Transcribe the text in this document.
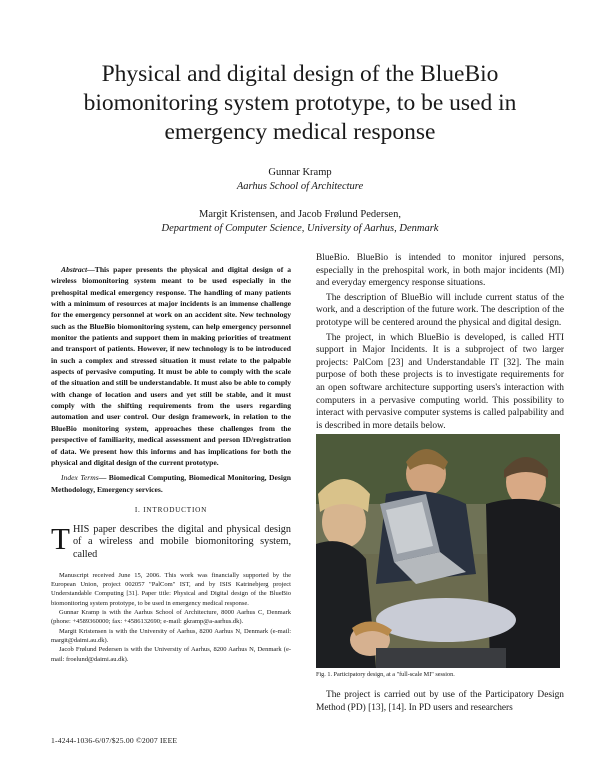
Physical and digital design of the BlueBio
biomonitoring system prototype, to be used in
emergency medical response
Gunnar Kramp
Aarhus School of Architecture
Margit Kristensen, and Jacob Frølund Pedersen,
Department of Computer Science, University of Aarhus, Denmark

Abstract—This paper presents the physical and digital design of a wireless biomonitoring system meant to be used especially in the prehospital medical emergency response. The handling of many patients with a minimum of resources at major incidents is an immense challenge for the emergency personnel at work on an accident site. New technology such as the BlueBio biomonitoring system, can help emergency personnel monitor the patients and support them in making priorities of treatment and transport of patients. However, if new technology is to be introduced in such a complex and stressed situation it must relate to the palpable aspects of pervasive computing. It must be able to comply with the scale of the situation and still be understandable. It must also be able to comply with change of location and users and yet still be stable, and it must comply with the shifting requirements from the users regarding automation and user control. Our design framework, in relation to the BlueBio monitoring system, approaches these challenges from the perspective of familiarity, medical assessment and person ID/registration of data. We present how this informs and has implications for both the physical and digital design of the current prototype.

Index Terms— Biomedical Computing, Biomedical Monitoring, Design Methodology, Emergency services.

I. INTRODUCTION

THIS paper describes the digital and physical design of a wireless and mobile biomonitoring system, called

Manuscript received June 15, 2006. This work was financially supported by the European Union, project 002057 "PalCom" IST, and by ISIS Katrinebjerg project Understandable Computing [31]. Paper title: Physical and Digital design of the BlueBio biomonitoring system prototype, to be used in emergency medical response.

Gunnar Kramp is with the Aarhus School of Architecture, 8000 Aarhus C, Denmark (phone: +4589360000; fax: +4586132690; e-mail: gkramp@a-aarhus.dk).

Margit Kristensen is with the University of Aarhus, 8200 Aarhus N, Denmark (e-mail: margit@daimi.au.dk).

Jacob Frølund Pedersen is with the University of Aarhus, 8200 Aarhus N, Denmark (e-mail: froelund@daimi.au.dk).

BlueBio. BlueBio is intended to monitor injured persons, especially in the prehospital work, in both major incidents (MI) and everyday emergency response situations.

The description of BlueBio will include current status of the work, and a description of the future work. The description of the prototype will be centered around the physical and digital design.

The project, in which BlueBio is developed, is called HTI support in Major Incidents. It is a subproject of two larger projects: PalCom [23] and Understandable IT [32]. The main purpose of both these projects is to investigate requirements for an open software architecture supporting users's interaction with computers in a pervasive computing world. This possibility to interact with pervasive computer systems is called palpability and is described in more details below.

Fig. 1. Participatory design, at a "full-scale MI" session.

The project is carried out by use of the Participatory Design Method (PD) [13], [14]. In PD users and researchers

1-4244-1036-6/07/$25.00 ©2007 IEEE
